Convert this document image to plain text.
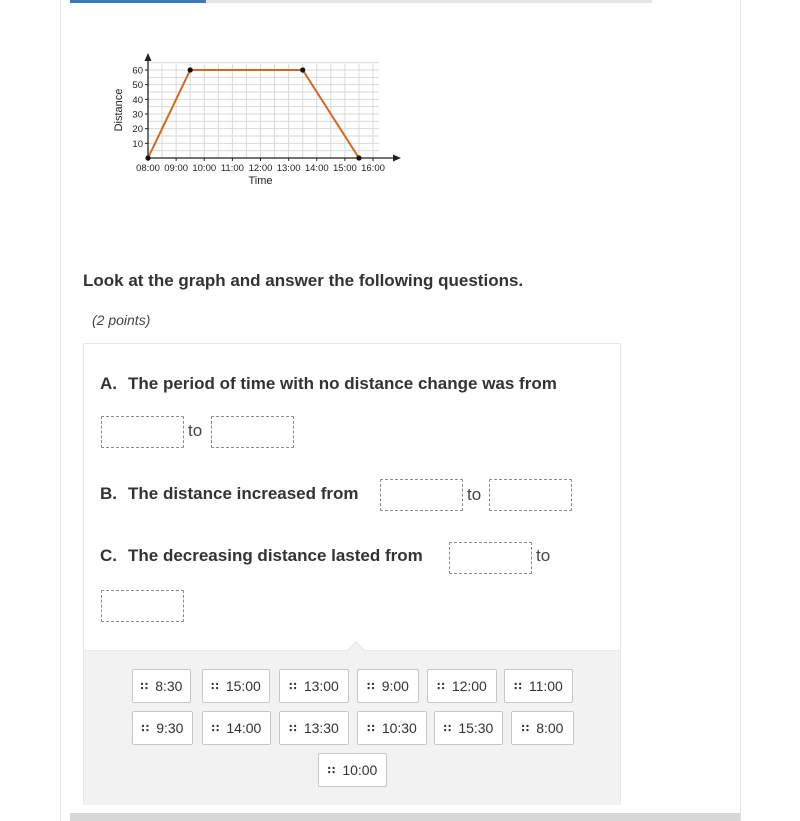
08:00 09:00 10:00 11:00 12:00 13:00 14:00 15:00 16:00
10
20
30
40
50
60
Time
Distance
Look at the graph and answer the following questions.
(2 points)
A. The period of time with no distance change was from
to
B. The distance increased from	to
C. The decreasing distance lasted from	to
∷ 8:30	∷ 15:00	∷ 13:00	∷ 9:00	∷ 12:00 ∷ 11:00
∷ 9:30	∷ 14:00	∷ 13:30	∷ 10:30 ∷ 15:30	∷ 8:00
∷ 10:00
